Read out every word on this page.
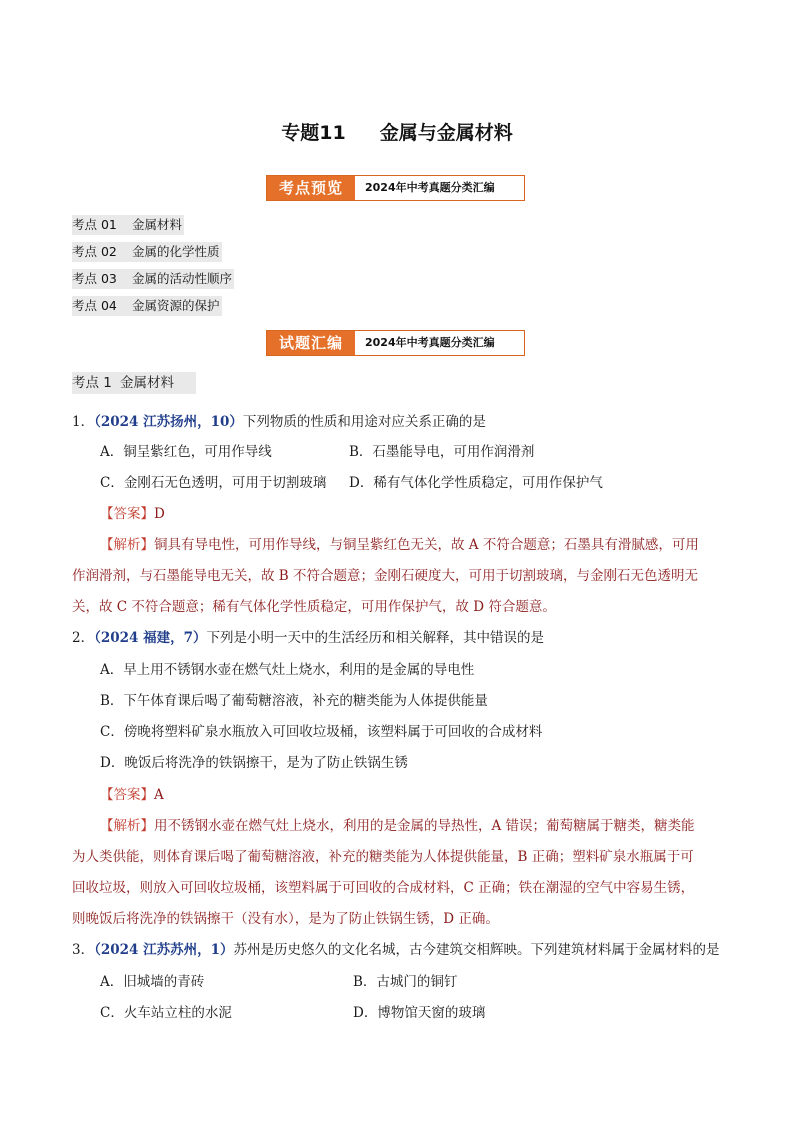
专题11 金属与金属材料
考点预览	2024年中考真题分类汇编
考点 01 金属材料
考点 02 金属的化学性质
考点 03 金属的活动性顺序
考点 04 金属资源的保护
试题汇编	2024年中考真题分类汇编
考点 1 金属材料
1．（2024 江苏扬州，10）下列物质的性质和用途对应关系正确的是
A．铜呈紫红色，可用作导线	B．石墨能导电，可用作润滑剂
C．金刚石无色透明，可用于切割玻璃 D．稀有气体化学性质稳定，可用作保护气
【答案】D
【解析】铜具有导电性，可用作导线，与铜呈紫红色无关，故 A 不符合题意；石墨具有滑腻感，可用
作润滑剂，与石墨能导电无关，故 B 不符合题意；金刚石硬度大，可用于切割玻璃，与金刚石无色透明无
关，故 C 不符合题意；稀有气体化学性质稳定，可用作保护气，故 D 符合题意。
2．（2024 福建，7）下列是小明一天中的生活经历和相关解释，其中错误的是
A．早上用不锈钢水壶在燃气灶上烧水，利用的是金属的导电性
B．下午体育课后喝了葡萄糖溶液，补充的糖类能为人体提供能量
C．傍晚将塑料矿泉水瓶放入可回收垃圾桶，该塑料属于可回收的合成材料
D．晚饭后将洗净的铁锅擦干，是为了防止铁锅生锈
【答案】A
【解析】用不锈钢水壶在燃气灶上烧水，利用的是金属的导热性，A 错误；葡萄糖属于糖类，糖类能
为人类供能，则体育课后喝了葡萄糖溶液，补充的糖类能为人体提供能量，B 正确；塑料矿泉水瓶属于可
回收垃圾，则放入可回收垃圾桶，该塑料属于可回收的合成材料，C 正确；铁在潮湿的空气中容易生锈，
则晚饭后将洗净的铁锅擦干（没有水），是为了防止铁锅生锈，D 正确。
3．（2024 江苏苏州，1）苏州是历史悠久的文化名城，古今建筑交相辉映。下列建筑材料属于金属材料的是
A．旧城墙的青砖	B．古城门的铜钉
C．火车站立柱的水泥	D．博物馆天窗的玻璃
